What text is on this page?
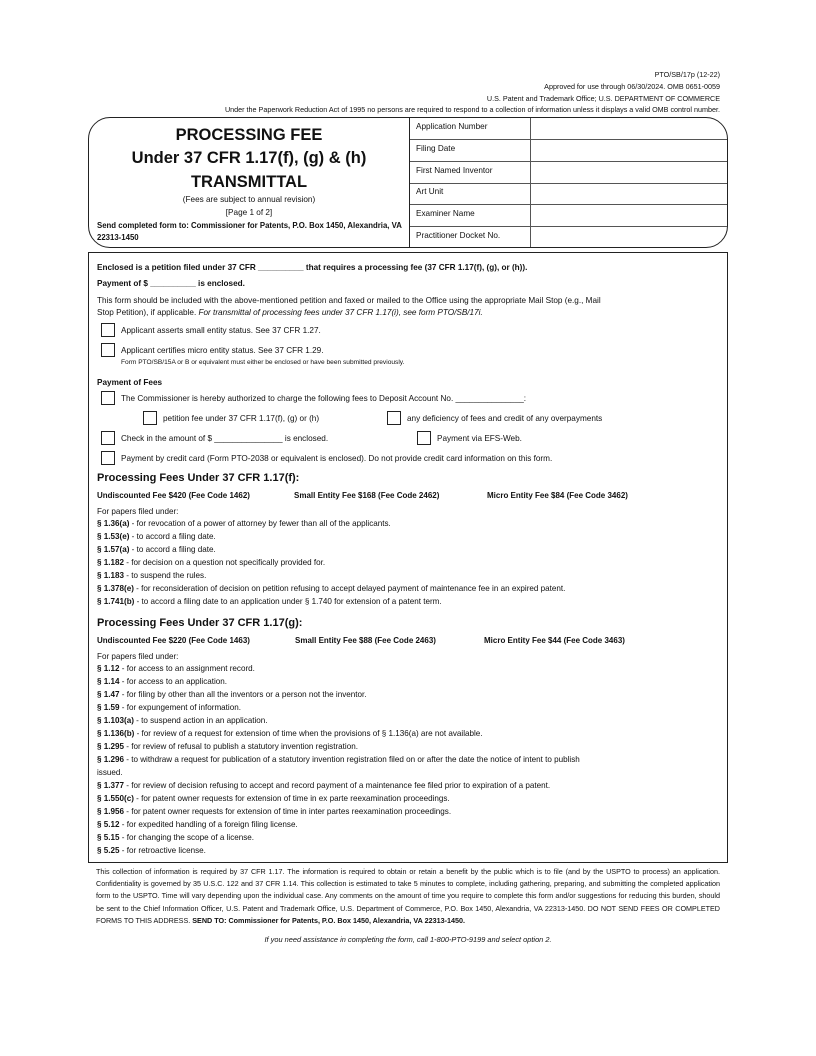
PTO/SB/17p (12-22)
Approved for use through 06/30/2024. OMB 0651-0059
U.S. Patent and Trademark Office; U.S. DEPARTMENT OF COMMERCE
Under the Paperwork Reduction Act of 1995 no persons are required to respond to a collection of information unless it displays a valid OMB control number.
PROCESSING FEE
Under 37 CFR 1.17(f), (g) & (h)
TRANSMITTAL
(Fees are subject to annual revision)
[Page 1 of 2]
Send completed form to: Commissioner for Patents, P.O. Box 1450, Alexandria, VA 22313-1450
Application Number
Filing Date
First Named Inventor
Art Unit
Examiner Name
Practitioner Docket No.
Enclosed is a petition filed under 37 CFR __________ that requires a processing fee (37 CFR 1.17(f), (g), or (h)).
Payment of $ __________ is enclosed.
This form should be included with the above-mentioned petition and faxed or mailed to the Office using the appropriate Mail Stop (e.g., Mail
Stop Petition), if applicable. For transmittal of processing fees under 37 CFR 1.17(i), see form PTO/SB/17i.
Applicant asserts small entity status. See 37 CFR 1.27.
Applicant certifies micro entity status. See 37 CFR 1.29.
Form PTO/SB/15A or B or equivalent must either be enclosed or have been submitted previously.
Payment of Fees
The Commissioner is hereby authorized to charge the following fees to Deposit Account No. _______________:
petition fee under 37 CFR 1.17(f), (g) or (h)	any deficiency of fees and credit of any overpayments
Check in the amount of $ _______________ is enclosed.	Payment via EFS-Web.
Payment by credit card (Form PTO-2038 or equivalent is enclosed). Do not provide credit card information on this form.
Processing Fees Under 37 CFR 1.17(f):
Undiscounted Fee $420 (Fee Code 1462)	Small Entity Fee $168 (Fee Code 2462)	Micro Entity Fee $84 (Fee Code 3462)
For papers filed under:
§ 1.36(a) - for revocation of a power of attorney by fewer than all of the applicants.
§ 1.53(e) - to accord a filing date.
§ 1.57(a) - to accord a filing date.
§ 1.182 - for decision on a question not specifically provided for.
§ 1.183 - to suspend the rules.
§ 1.378(e) - for reconsideration of decision on petition refusing to accept delayed payment of maintenance fee in an expired patent.
§ 1.741(b) - to accord a filing date to an application under § 1.740 for extension of a patent term.
Processing Fees Under 37 CFR 1.17(g):
Undiscounted Fee $220 (Fee Code 1463)	Small Entity Fee $88 (Fee Code 2463)	Micro Entity Fee $44 (Fee Code 3463)
For papers filed under:
§ 1.12 - for access to an assignment record.
§ 1.14 - for access to an application.
§ 1.47 - for filing by other than all the inventors or a person not the inventor.
§ 1.59 - for expungement of information.
§ 1.103(a) - to suspend action in an application.
§ 1.136(b) - for review of a request for extension of time when the provisions of § 1.136(a) are not available.
§ 1.295 - for review of refusal to publish a statutory invention registration.
§ 1.296 - to withdraw a request for publication of a statutory invention registration filed on or after the date the notice of intent to publish
issued.
§ 1.377 - for review of decision refusing to accept and record payment of a maintenance fee filed prior to expiration of a patent.
§ 1.550(c) - for patent owner requests for extension of time in ex parte reexamination proceedings.
§ 1.956 - for patent owner requests for extension of time in inter partes reexamination proceedings.
§ 5.12 - for expedited handling of a foreign filing license.
§ 5.15 - for changing the scope of a license.
§ 5.25 - for retroactive license.
This collection of information is required by 37 CFR 1.17. The information is required to obtain or retain a benefit by the public which is to file (and by the USPTO to process) an application. Confidentiality is governed by 35 U.S.C. 122 and 37 CFR 1.14. This collection is estimated to take 5 minutes to complete, including gathering, preparing, and submitting the completed application form to the USPTO. Time will vary depending upon the individual case. Any comments on the amount of time you require to complete this form and/or suggestions for reducing this burden, should be sent to the Chief Information Officer, U.S. Patent and Trademark Office, U.S. Department of Commerce, P.O. Box 1450, Alexandria, VA 22313-1450. DO NOT SEND FEES OR COMPLETED FORMS TO THIS ADDRESS. SEND TO: Commissioner for Patents, P.O. Box 1450, Alexandria, VA 22313-1450.
If you need assistance in completing the form, call 1-800-PTO-9199 and select option 2.
